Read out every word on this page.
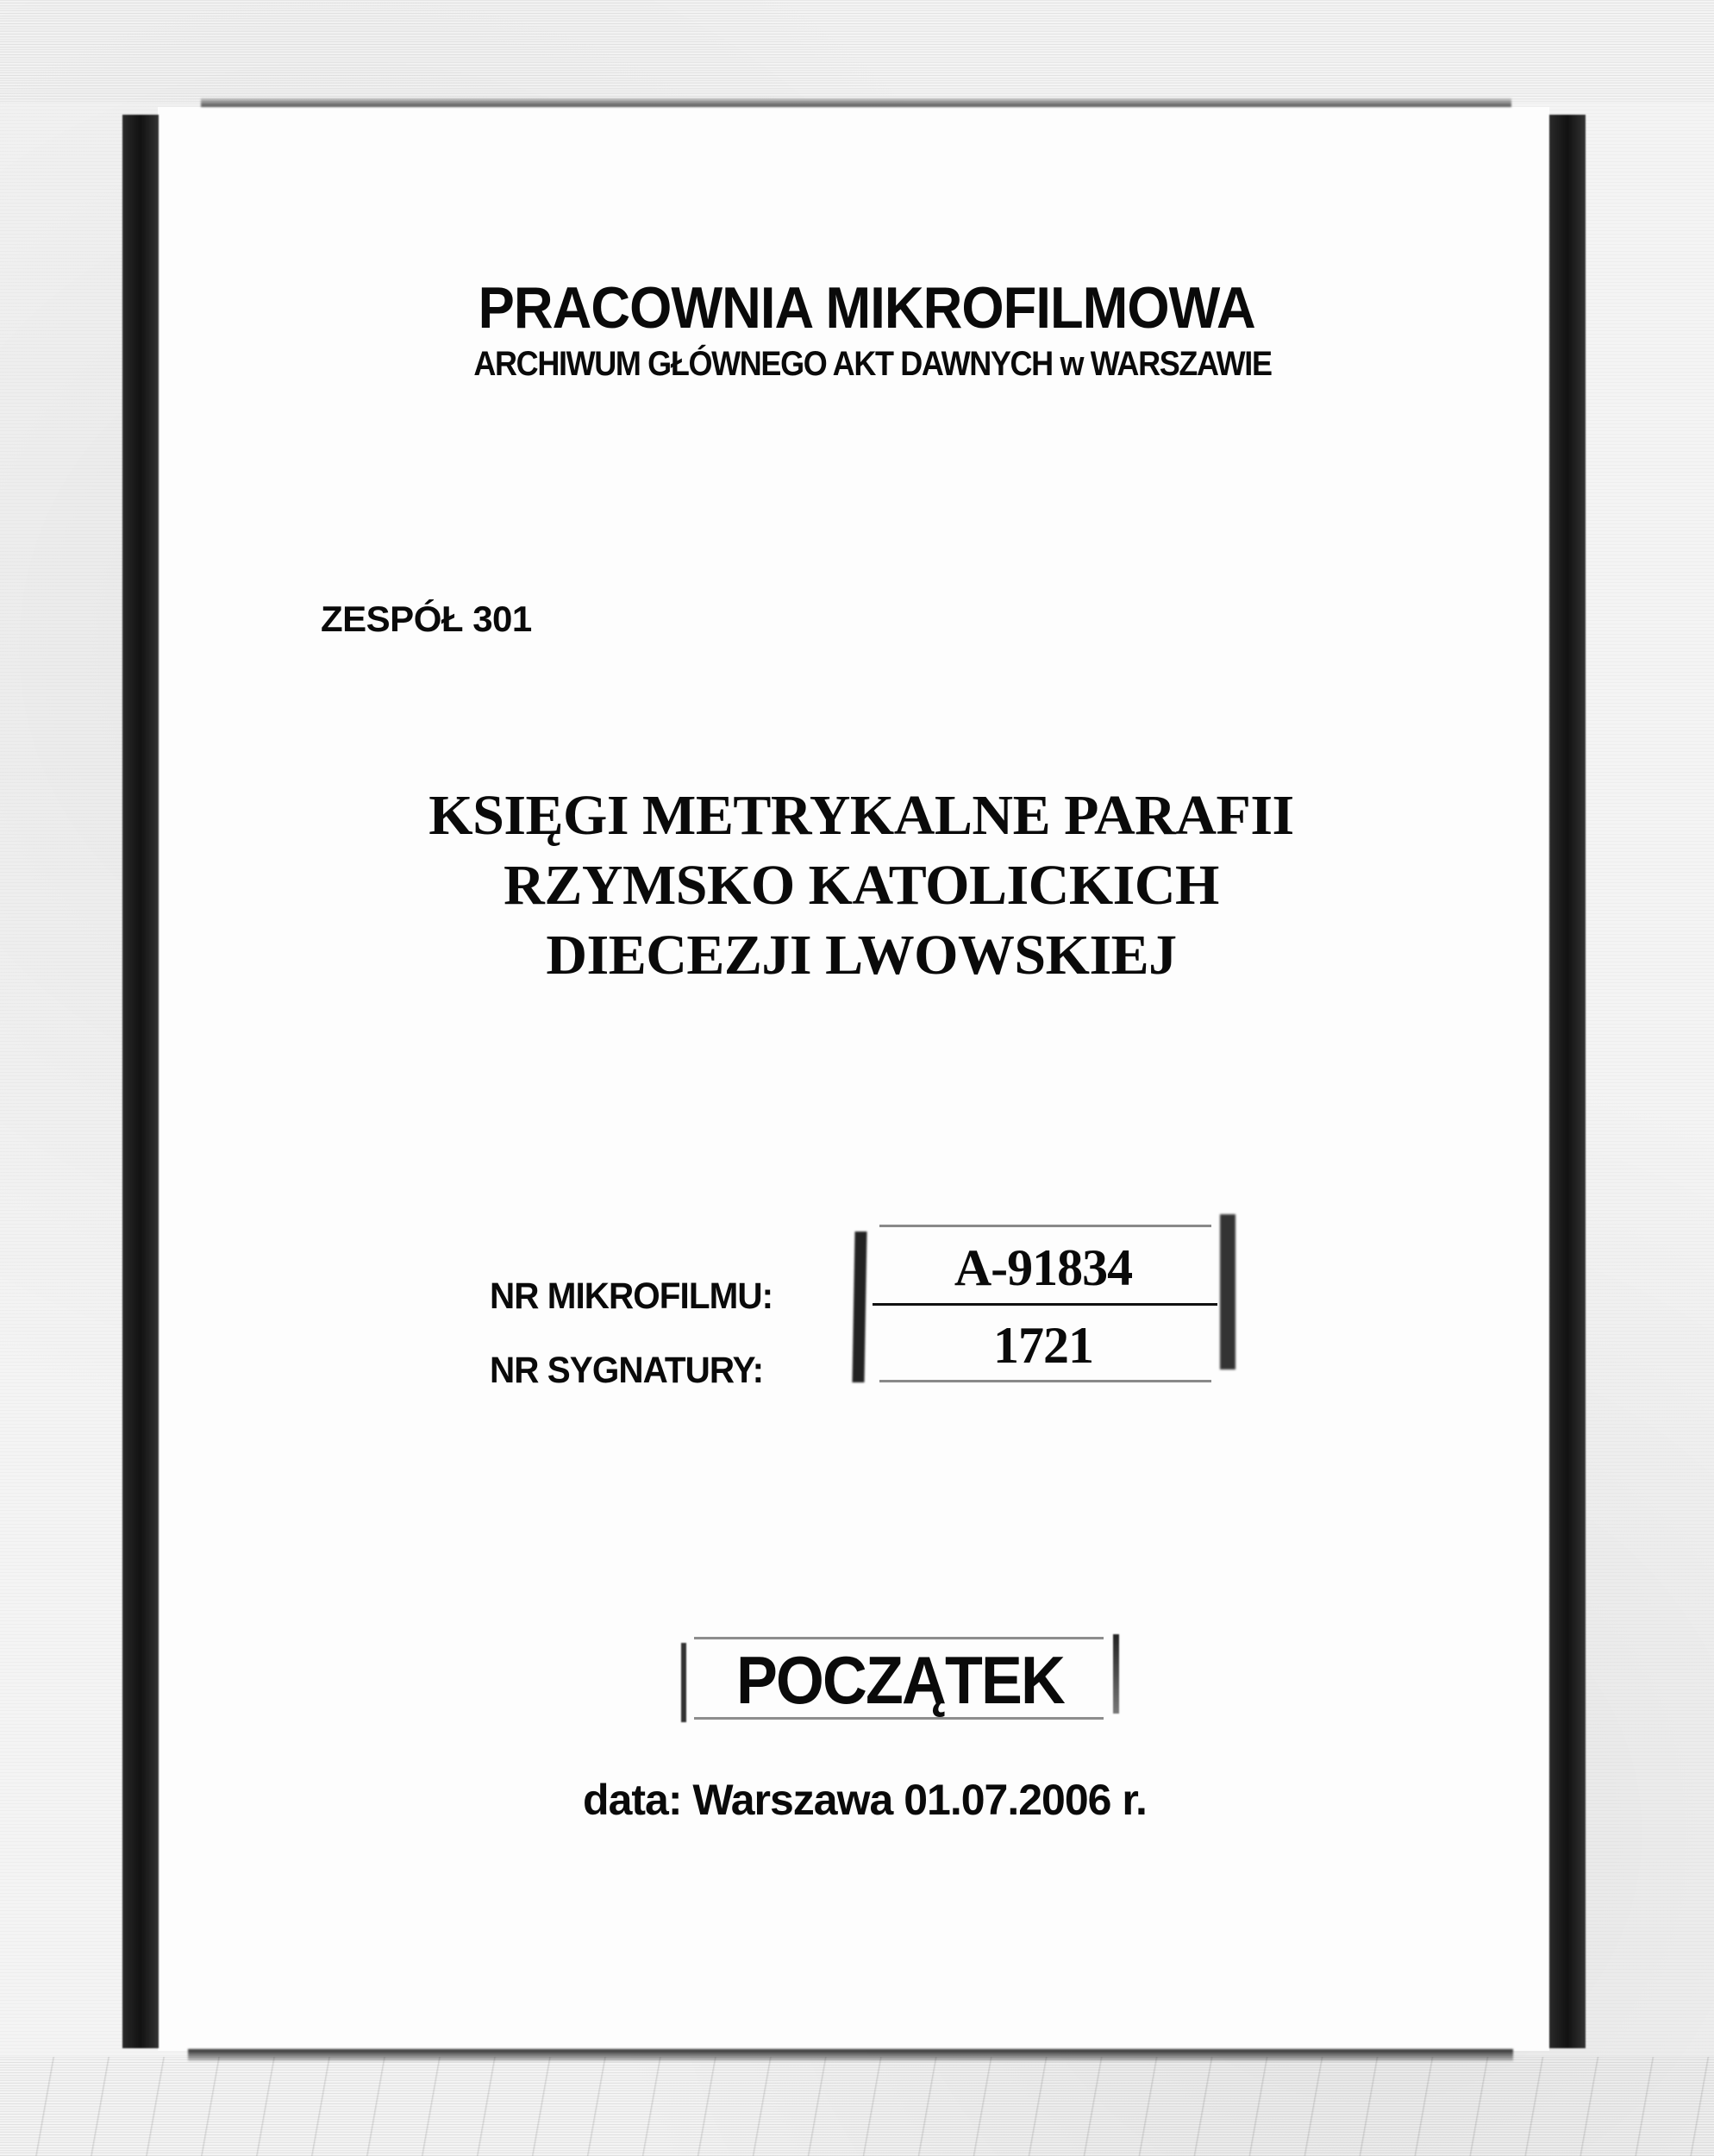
PRACOWNIA MIKROFILMOWA
ARCHIWUM GŁÓWNEGO AKT DAWNYCH w WARSZAWIE
ZESPÓŁ 301
KSIĘGI METRYKALNE PARAFII
RZYMSKO KATOLICKICH
DIECEZJI LWOWSKIEJ
NR MIKROFILMU:
NR SYGNATURY:
A-91834
1721
POCZĄTEK
data: Warszawa 01.07.2006 r.
